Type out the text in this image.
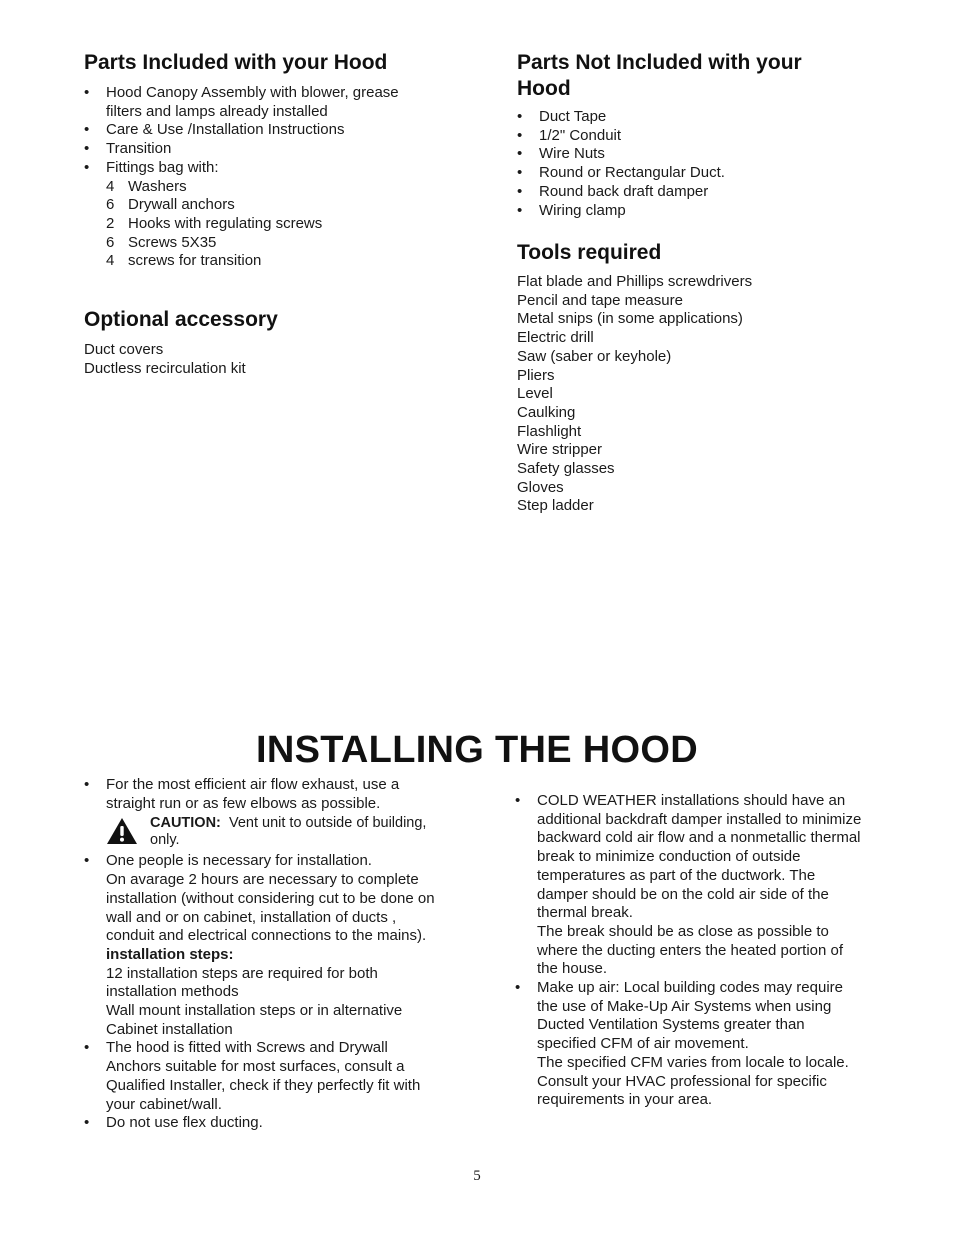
Parts Included with your Hood
• Hood Canopy Assembly with blower, grease filters and lamps already installed
• Care & Use /Installation Instructions
• Transition
• Fittings bag with:
4 Washers
6 Drywall anchors
2 Hooks with regulating screws
6 Screws 5X35
4 screws for transition
Optional accessory
Duct covers
Ductless recirculation kit
Parts Not Included with your
Hood
• Duct Tape
• 1/2" Conduit
• Wire Nuts
• Round or Rectangular Duct.
• Round back draft damper
• Wiring clamp
Tools required
Flat blade and Phillips screwdrivers
Pencil and tape measure
Metal snips (in some applications)
Electric drill
Saw (saber or keyhole)
Pliers
Level
Caulking
Flashlight
Wire stripper
Safety glasses
Gloves
Step ladder
INSTALLING THE HOOD
• For the most efficient air flow exhaust, use a straight run or as few elbows as possible.
CAUTION: Vent unit to outside of building, only.
• One people is necessary for installation.
On avarage 2 hours are necessary to complete installation (without considering cut to be done on wall and or on cabinet, installation of ducts , conduit and electrical connections to the mains).
installation steps:
12 installation steps are required for both installation methods
Wall mount installation steps or in alternative Cabinet installation
• The hood is fitted with Screws and Drywall Anchors suitable for most surfaces, consult a Qualified Installer, check if they perfectly fit with your cabinet/wall.
• Do not use flex ducting.
• COLD WEATHER installations should have an additional backdraft damper installed to minimize backward cold air flow and a nonmetallic thermal break to minimize conduction of outside temperatures as part of the ductwork. The damper should be on the cold air side of the thermal break.
The break should be as close as possible to where the ducting enters the heated portion of the house.
• Make up air: Local building codes may require the use of Make-Up Air Systems when using Ducted Ventilation Systems greater than specified CFM of air movement.
The specified CFM varies from locale to locale. Consult your HVAC professional for specific requirements in your area.
5
